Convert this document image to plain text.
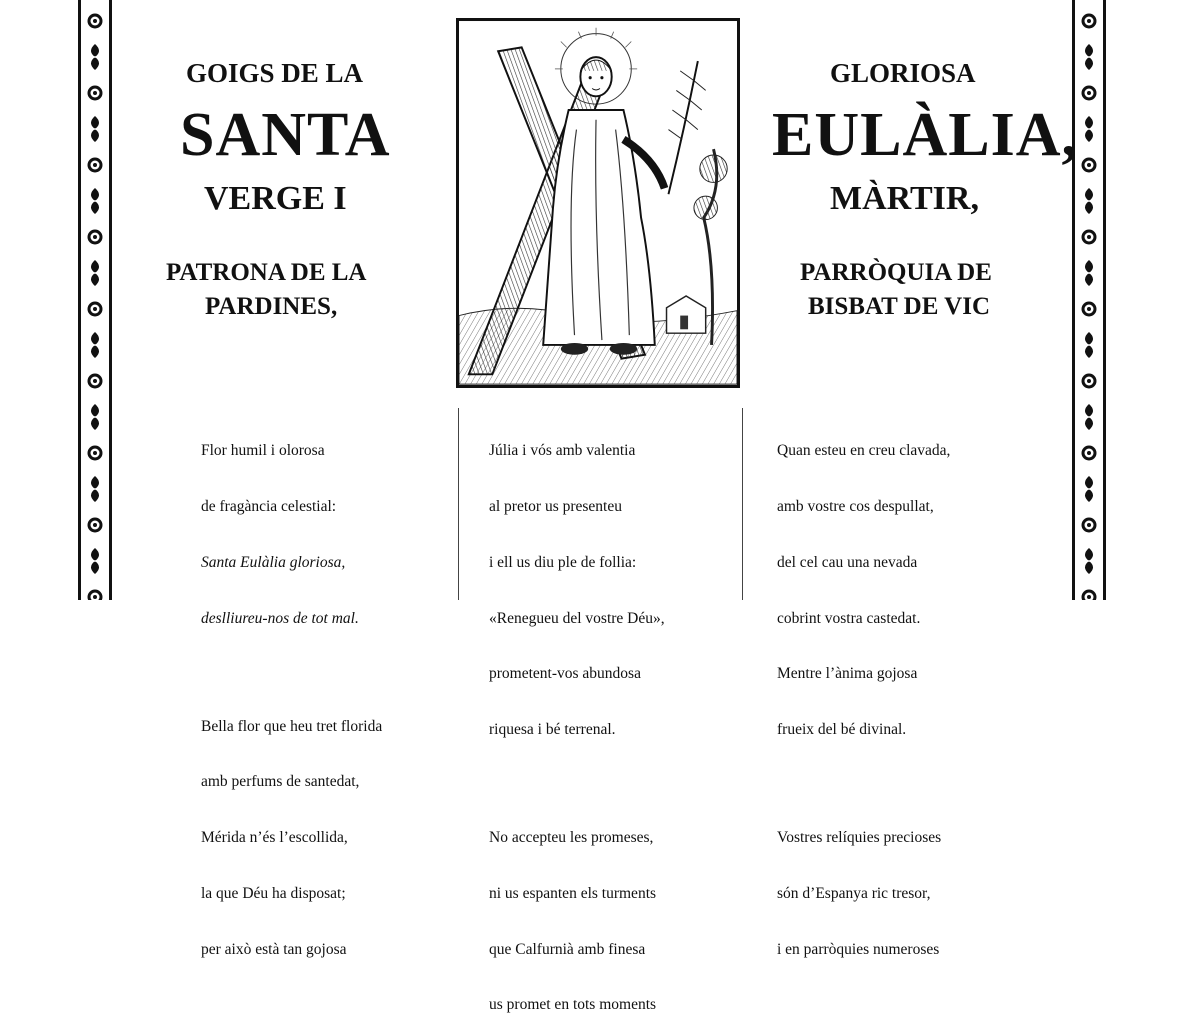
GOIGS DE LA
SANTA
VERGE I
PATRONA DE LA
PARDINES,
GLORIOSA
EULÀLIA,
MÀRTIR,
PARRÒQUIA DE
BISBAT DE VIC

Flor humil i olorosa

de fragància celestial:

Santa Eulàlia gloriosa,

deslliureu-nos de tot mal.

Bella flor que heu tret florida

amb perfums de santedat,

Mérida n’és l’escollida,

la que Déu ha disposat;

per això està tan gojosa

Júlia i vós amb valentia

al pretor us presenteu

i ell us diu ple de follia:

«Renegueu del vostre Déu»,

prometent-vos abundosa

riquesa i bé terrenal.

No accepteu les promeses,

ni us espanten els turments

que Calfurnià amb finesa

us promet en tots moments

Quan esteu en creu clavada,

amb vostre cos despullat,

del cel cau una nevada

cobrint vostra castedat.

Mentre l’ànima gojosa

frueix del bé divinal.

Vostres relíquies precioses

són d’Espanya ric tresor,

i en parròquies numeroses
